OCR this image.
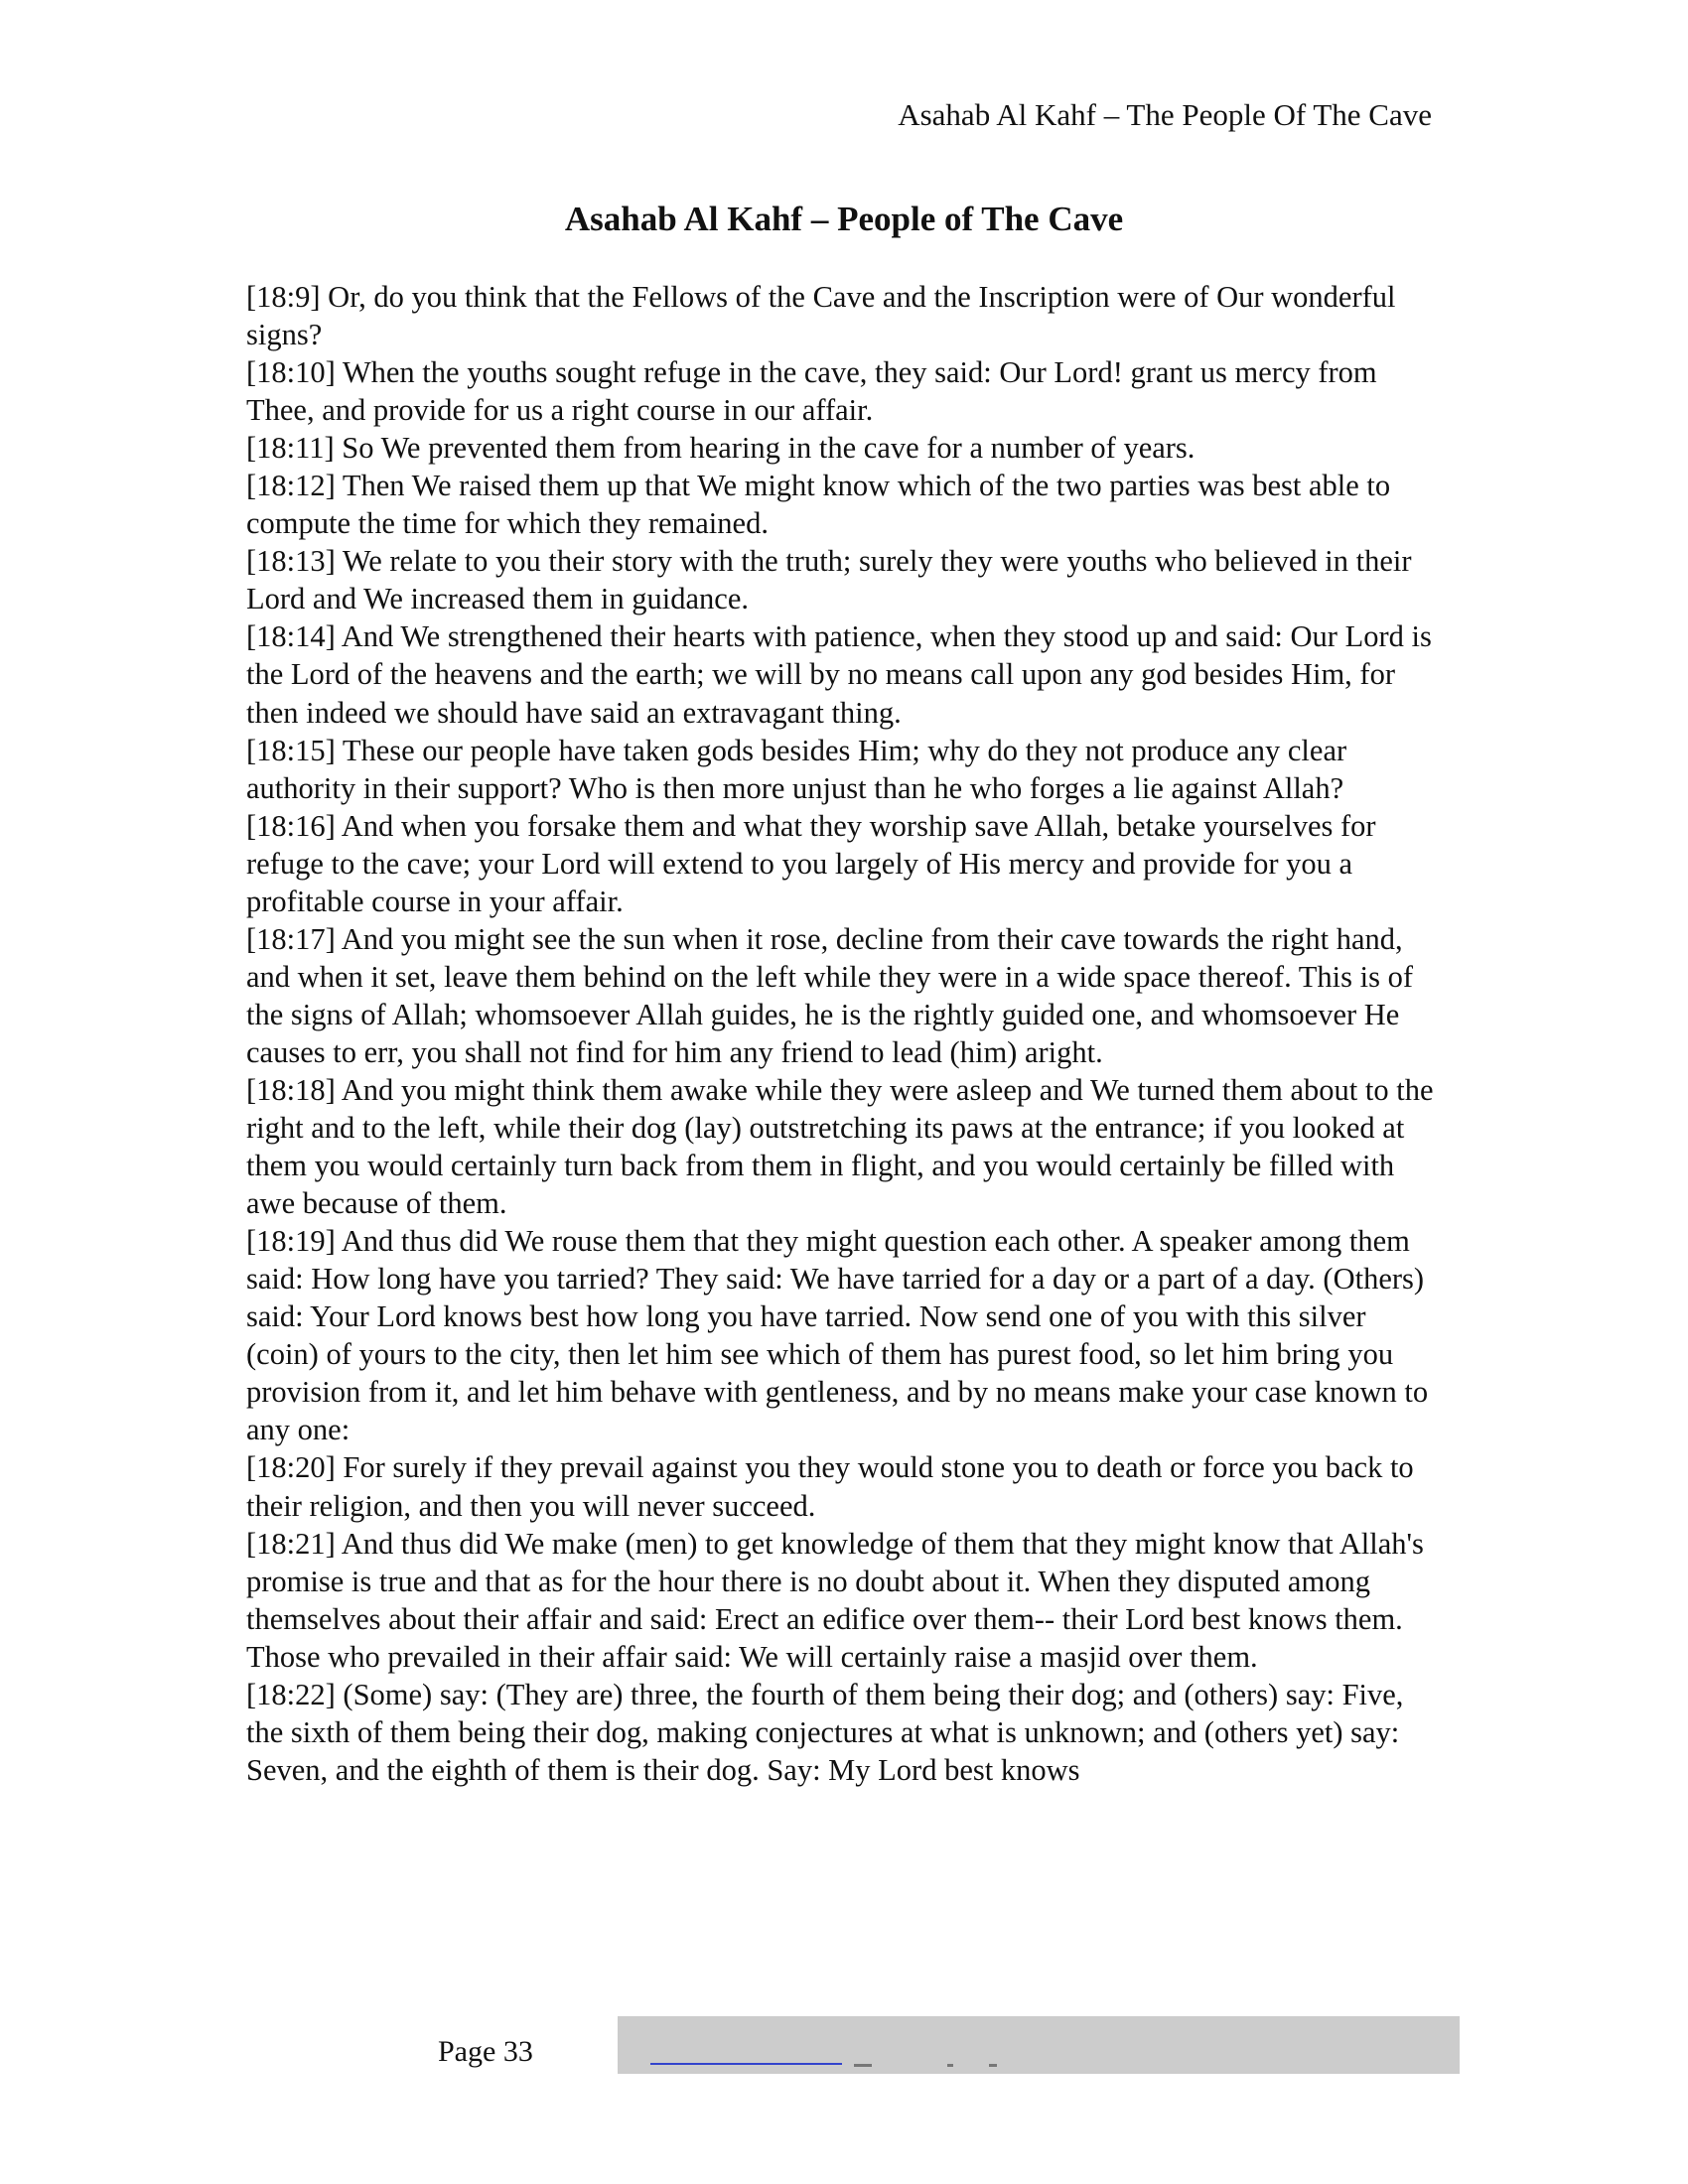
Asahab Al Kahf – The People Of The Cave
Asahab Al Kahf – People of The Cave

[18:9] Or, do you think that the Fellows of the Cave and the Inscription were of Our wonderful signs?

[18:10] When the youths sought refuge in the cave, they said: Our Lord! grant us mercy from Thee, and provide for us a right course in our affair.

[18:11] So We prevented them from hearing in the cave for a number of years.

[18:12] Then We raised them up that We might know which of the two parties was best able to compute the time for which they remained.

[18:13] We relate to you their story with the truth; surely they were youths who believed in their Lord and We increased them in guidance.

[18:14] And We strengthened their hearts with patience, when they stood up and said: Our Lord is the Lord of the heavens and the earth; we will by no means call upon any god besides Him, for then indeed we should have said an extravagant thing.

[18:15] These our people have taken gods besides Him; why do they not produce any clear authority in their support? Who is then more unjust than he who forges a lie against Allah?

[18:16] And when you forsake them and what they worship save Allah, betake yourselves for refuge to the cave; your Lord will extend to you largely of His mercy and provide for you a profitable course in your affair.

[18:17] And you might see the sun when it rose, decline from their cave towards the right hand, and when it set, leave them behind on the left while they were in a wide space thereof. This is of the signs of Allah; whomsoever Allah guides, he is the rightly guided one, and whomsoever He causes to err, you shall not find for him any friend to lead (him) aright.

[18:18] And you might think them awake while they were asleep and We turned them about to the right and to the left, while their dog (lay) outstretching its paws at the entrance; if you looked at them you would certainly turn back from them in flight, and you would certainly be filled with awe because of them.

[18:19] And thus did We rouse them that they might question each other. A speaker among them said: How long have you tarried? They said: We have tarried for a day or a part of a day. (Others) said: Your Lord knows best how long you have tarried. Now send one of you with this silver (coin) of yours to the city, then let him see which of them has purest food, so let him bring you provision from it, and let him behave with gentleness, and by no means make your case known to any one:

[18:20] For surely if they prevail against you they would stone you to death or force you back to their religion, and then you will never succeed.

[18:21] And thus did We make (men) to get knowledge of them that they might know that Allah's promise is true and that as for the hour there is no doubt about it. When they disputed among themselves about their affair and said: Erect an edifice over them-- their Lord best knows them. Those who prevailed in their affair said: We will certainly raise a masjid over them.

[18:22] (Some) say: (They are) three, the fourth of them being their dog; and (others) say: Five, the sixth of them being their dog, making conjectures at what is unknown; and (others yet) say: Seven, and the eighth of them is their dog. Say: My Lord best knows

Page 33
